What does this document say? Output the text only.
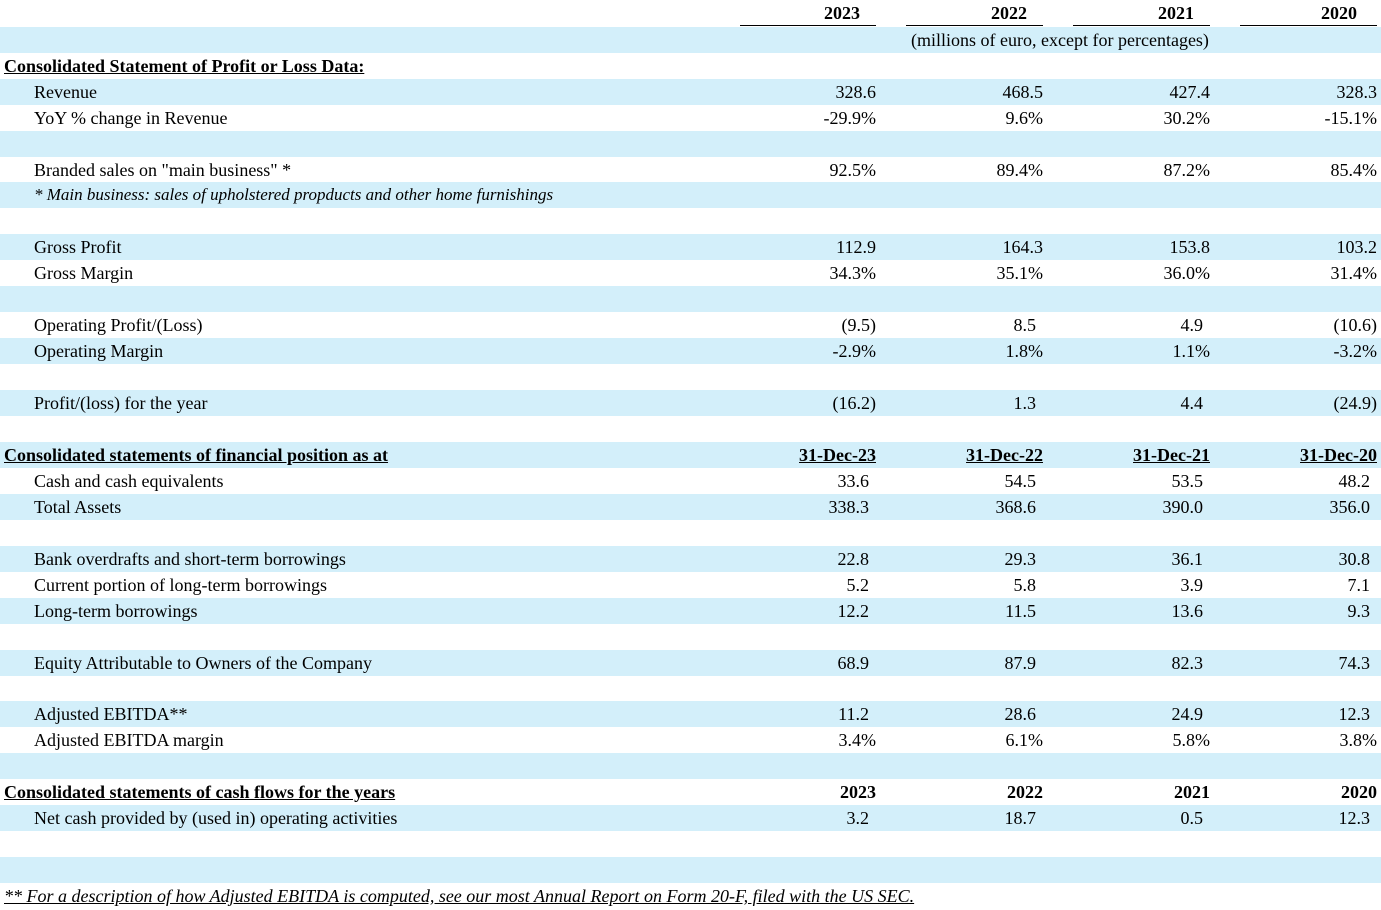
2023	2022	2021	2020
(millions of euro, except for percentages)
Consolidated Statement of Profit or Loss Data:
Revenue	328.6	468.5	427.4	328.3
YoY % change in Revenue	-29.9%	9.6%	30.2%	-15.1%
Branded sales on "main business" *	92.5%	89.4%	87.2%	85.4%
* Main business: sales of upholstered propducts and other home furnishings
Gross Profit	112.9	164.3	153.8	103.2
Gross Margin	34.3%	35.1%	36.0%	31.4%
Operating Profit/(Loss)	(9.5)	8.5	4.9	(10.6)
Operating Margin	-2.9%	1.8%	1.1%	-3.2%
Profit/(loss) for the year	(16.2)	1.3	4.4	(24.9)
Consolidated statements of financial position as at	31-Dec-23	31-Dec-22	31-Dec-21	31-Dec-20
Cash and cash equivalents	33.6	54.5	53.5	48.2
Total Assets	338.3	368.6	390.0	356.0
Bank overdrafts and short-term borrowings	22.8	29.3	36.1	30.8
Current portion of long-term borrowings	5.2	5.8	3.9	7.1
Long-term borrowings	12.2	11.5	13.6	9.3
Equity Attributable to Owners of the Company	68.9	87.9	82.3	74.3
Adjusted EBITDA**	11.2	28.6	24.9	12.3
Adjusted EBITDA margin	3.4%	6.1%	5.8%	3.8%
Consolidated statements of cash flows for the years	2023	2022	2021	2020
Net cash provided by (used in) operating activities	3.2	18.7	0.5	12.3
** For a description of how Adjusted EBITDA is computed, see our most Annual Report on Form 20-F, filed with the US SEC.
